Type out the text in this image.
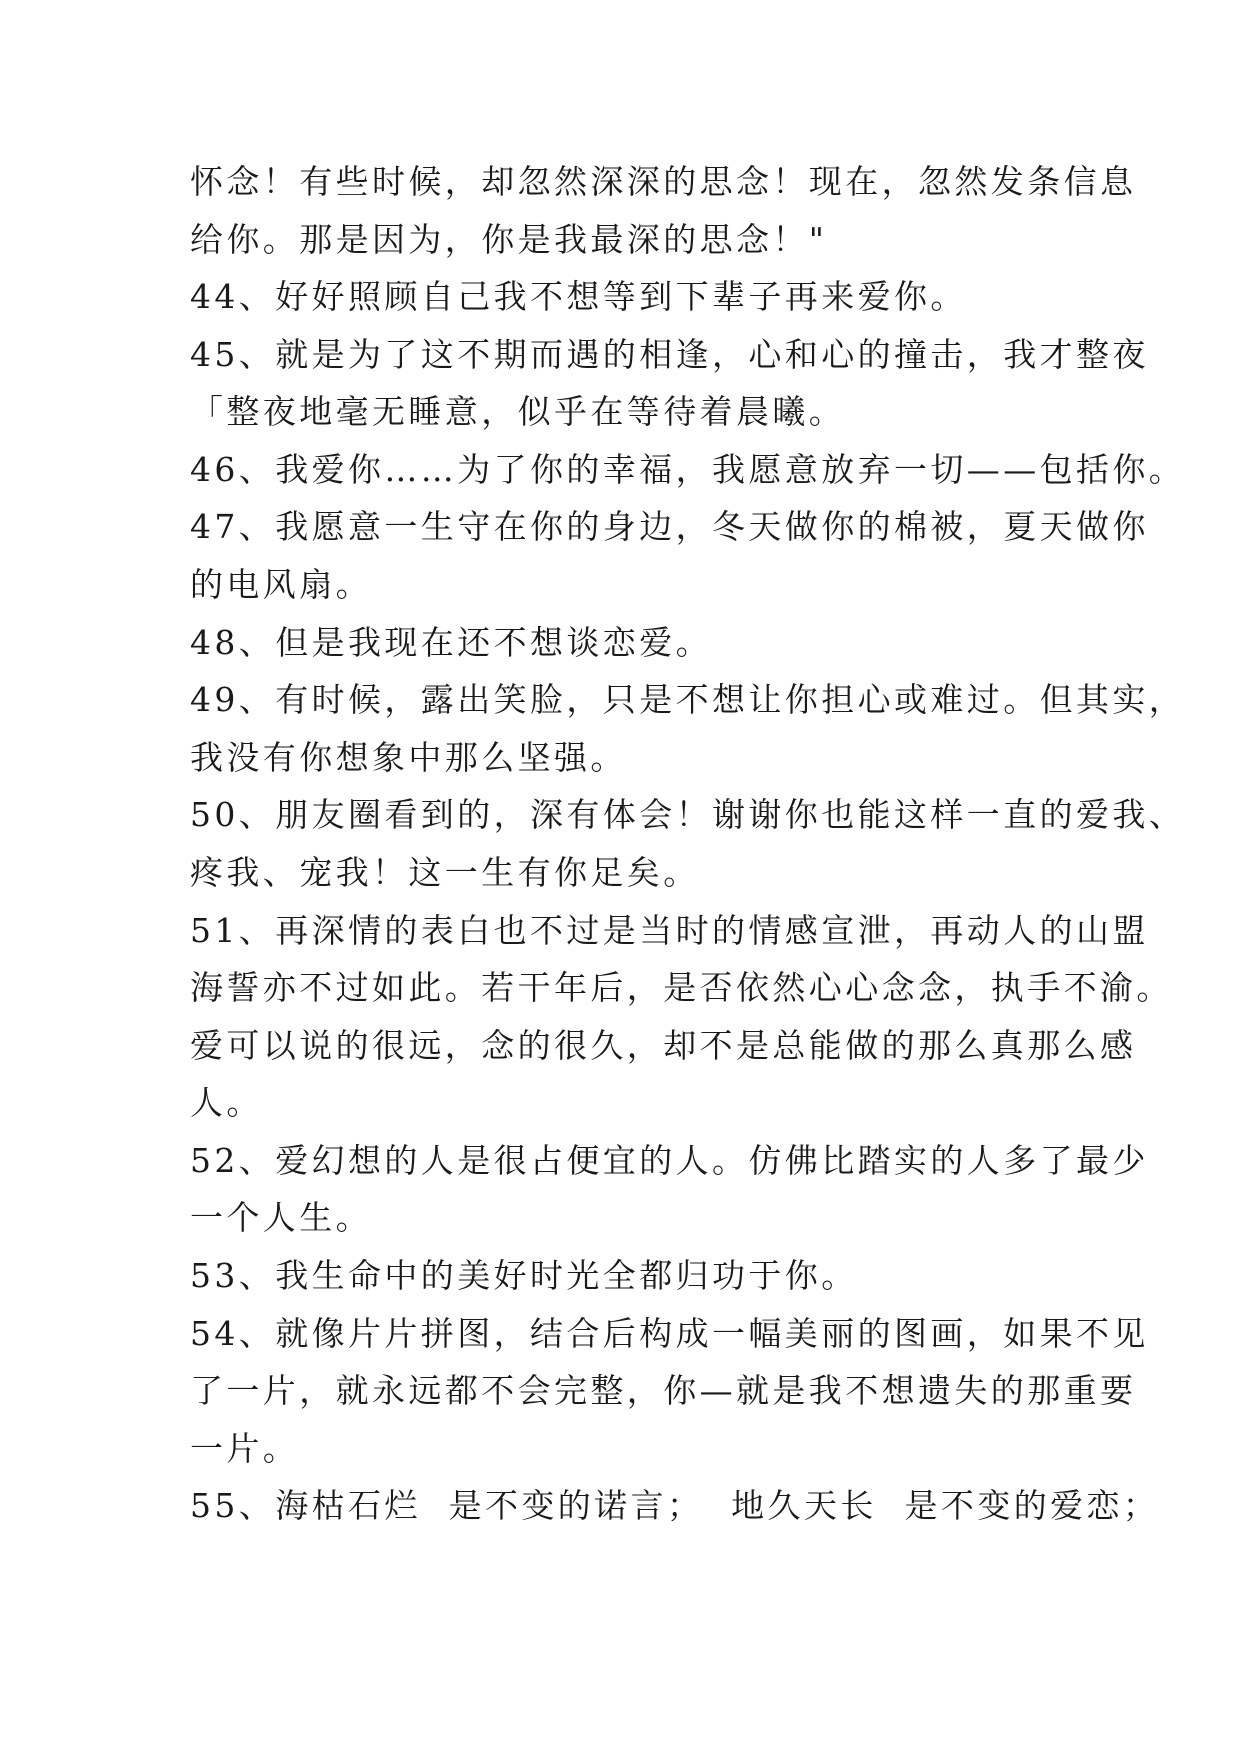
怀念！有些时候，却忽然深深的思念！现在，忽然发条信息
给你。那是因为，你是我最深的思念！"
44、好好照顾自己我不想等到下辈子再来爱你。
45、就是为了这不期而遇的相逢，心和心的撞击，我才整夜
「整夜地毫无睡意，似乎在等待着晨曦。
46、我爱你……为了你的幸福，我愿意放弃一切——包括你。
47、我愿意一生守在你的身边，冬天做你的棉被，夏天做你
的电风扇。
48、但是我现在还不想谈恋爱。
49、有时候，露出笑脸，只是不想让你担心或难过。但其实，
我没有你想象中那么坚强。
50、朋友圈看到的，深有体会！谢谢你也能这样一直的爱我、
疼我、宠我！这一生有你足矣。
51、再深情的表白也不过是当时的情感宣泄，再动人的山盟
海誓亦不过如此。若干年后，是否依然心心念念，执手不渝。
爱可以说的很远，念的很久，却不是总能做的那么真那么感
人。
52、爱幻想的人是很占便宜的人。仿佛比踏实的人多了最少
一个人生。
53、我生命中的美好时光全都归功于你。
54、就像片片拼图，结合后构成一幅美丽的图画，如果不见
了一片，就永远都不会完整，你—就是我不想遗失的那重要
一片。
55、海枯石烂  是不变的诺言；  地久天长  是不变的爱恋；
